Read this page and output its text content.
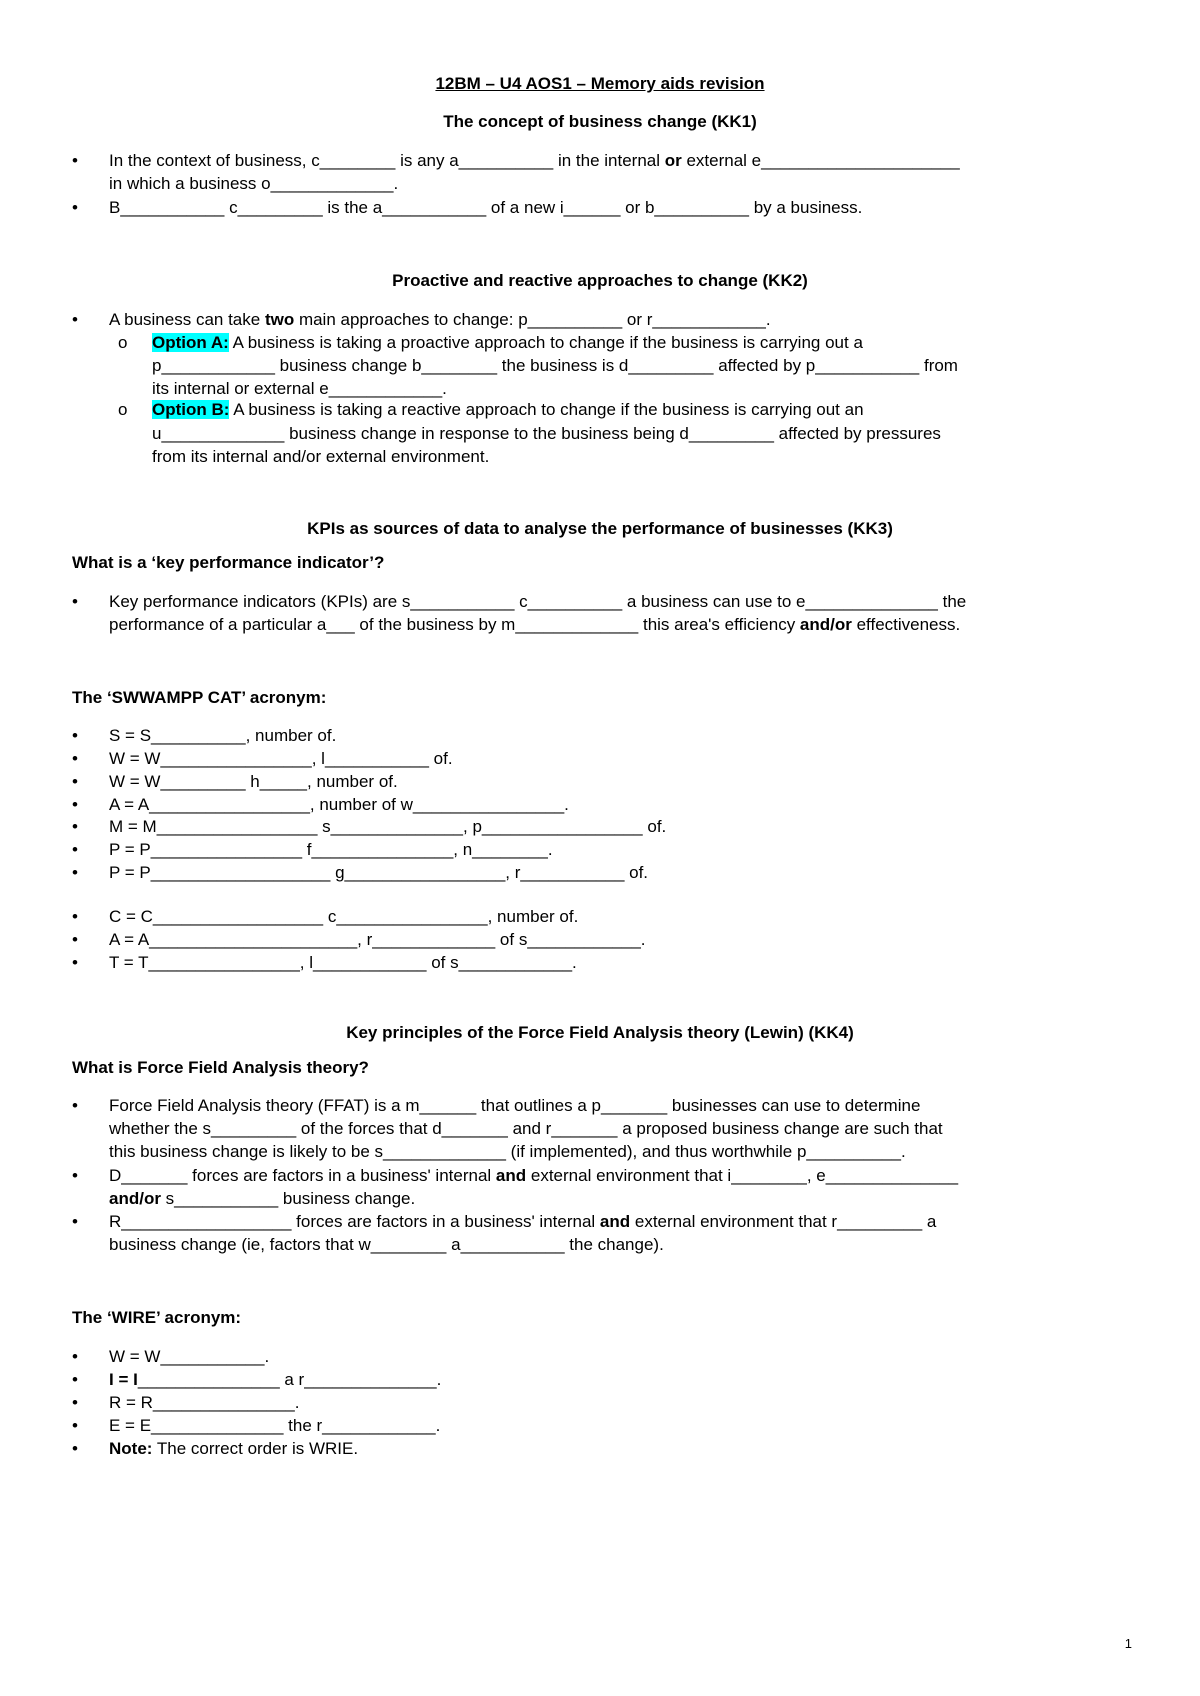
12BM – U4 AOS1 – Memory aids revision
The concept of business change (KK1)
• In the context of business, c________ is any a__________ in the internal or external e_____________________
in which a business o_____________.
• B___________ c_________ is the a___________ of a new i______ or b__________ by a business.
Proactive and reactive approaches to change (KK2)
• A business can take two main approaches to change: p__________ or r____________.
o Option A: A business is taking a proactive approach to change if the business is carrying out a
p____________ business change b________ the business is d_________ affected by p___________ from
its internal or external e____________.
o Option B: A business is taking a reactive approach to change if the business is carrying out an
u_____________ business change in response to the business being d_________ affected by pressures
from its internal and/or external environment.
KPIs as sources of data to analyse the performance of businesses (KK3)
What is a ‘key performance indicator’?
• Key performance indicators (KPIs) are s___________ c__________ a business can use to e______________ the
performance of a particular a___ of the business by m_____________ this area's efficiency and/or effectiveness.
The ‘SWWAMPP CAT’ acronym:
• S = S__________, number of.
• W = W________________, l___________ of.
• W = W_________ h_____, number of.
• A = A_________________, number of w________________.
• M = M_________________ s______________, p_________________ of.
• P = P________________ f_______________, n________.
• P = P___________________ g_________________, r___________ of.
• C = C__________________ c________________, number of.
• A = A______________________, r_____________ of s____________.
• T = T________________, l____________ of s____________.
Key principles of the Force Field Analysis theory (Lewin) (KK4)
What is Force Field Analysis theory?
• Force Field Analysis theory (FFAT) is a m______ that outlines a p_______ businesses can use to determine
whether the s_________ of the forces that d_______ and r_______ a proposed business change are such that
this business change is likely to be s_____________ (if implemented), and thus worthwhile p__________.
• D_______ forces are factors in a business' internal and external environment that i________, e______________
and/or s___________ business change.
• R__________________ forces are factors in a business' internal and external environment that r_________ a
business change (ie, factors that w________ a___________ the change).
The ‘WIRE’ acronym:
• W = W___________.
• I = I_______________ a r______________.
• R = R_______________.
• E = E______________ the r____________.
• Note: The correct order is WRIE.
1
